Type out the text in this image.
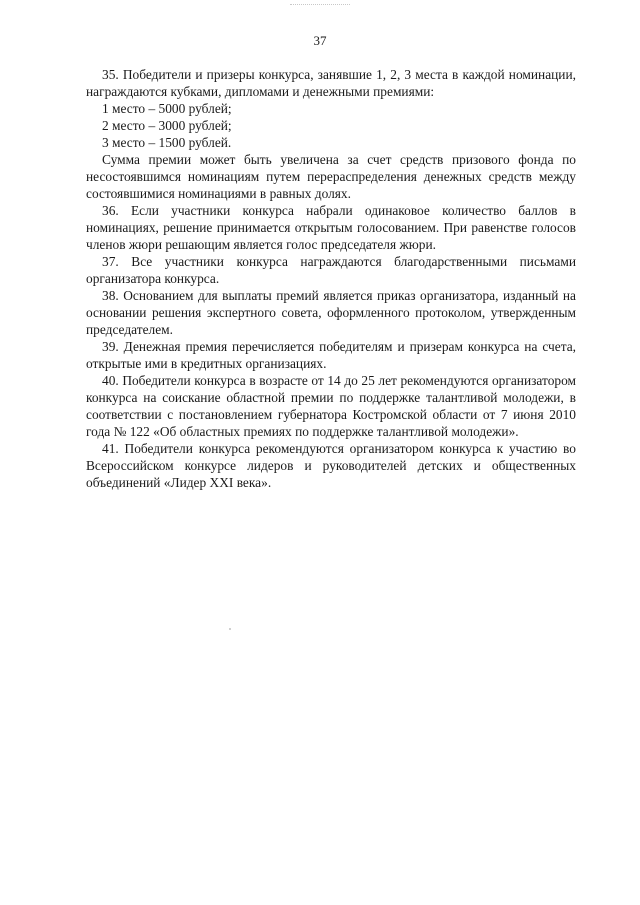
37

35. Победители и призеры конкурса, занявшие 1, 2, 3 места в каждой номинации, награждаются кубками, дипломами и денежными премиями:

1 место – 5000 рублей;

2 место – 3000 рублей;

3 место – 1500 рублей.

Сумма премии может быть увеличена за счет средств призового фонда по несостоявшимся номинациям путем перераспределения денежных средств между состоявшимися номинациями в равных долях.

36. Если участники конкурса набрали одинаковое количество баллов в номинациях, решение принимается открытым голосованием. При равенстве голосов членов жюри решающим является голос председателя жюри.

37. Все участники конкурса награждаются благодарственными письмами организатора конкурса.

38. Основанием для выплаты премий является приказ организатора, изданный на основании решения экспертного совета, оформленного протоколом, утвержденным председателем.

39. Денежная премия перечисляется победителям и призерам конкурса на счета, открытые ими в кредитных организациях.

40. Победители конкурса в возрасте от 14 до 25 лет рекомендуются организатором конкурса на соискание областной премии по поддержке талантливой молодежи, в соответствии с постановлением губернатора Костромской области от 7 июня 2010 года № 122 «Об областных премиях по поддержке талантливой молодежи».

41. Победители конкурса рекомендуются организатором конкурса к участию во Всероссийском конкурсе лидеров и руководителей детских и общественных объединений «Лидер XXI века».
